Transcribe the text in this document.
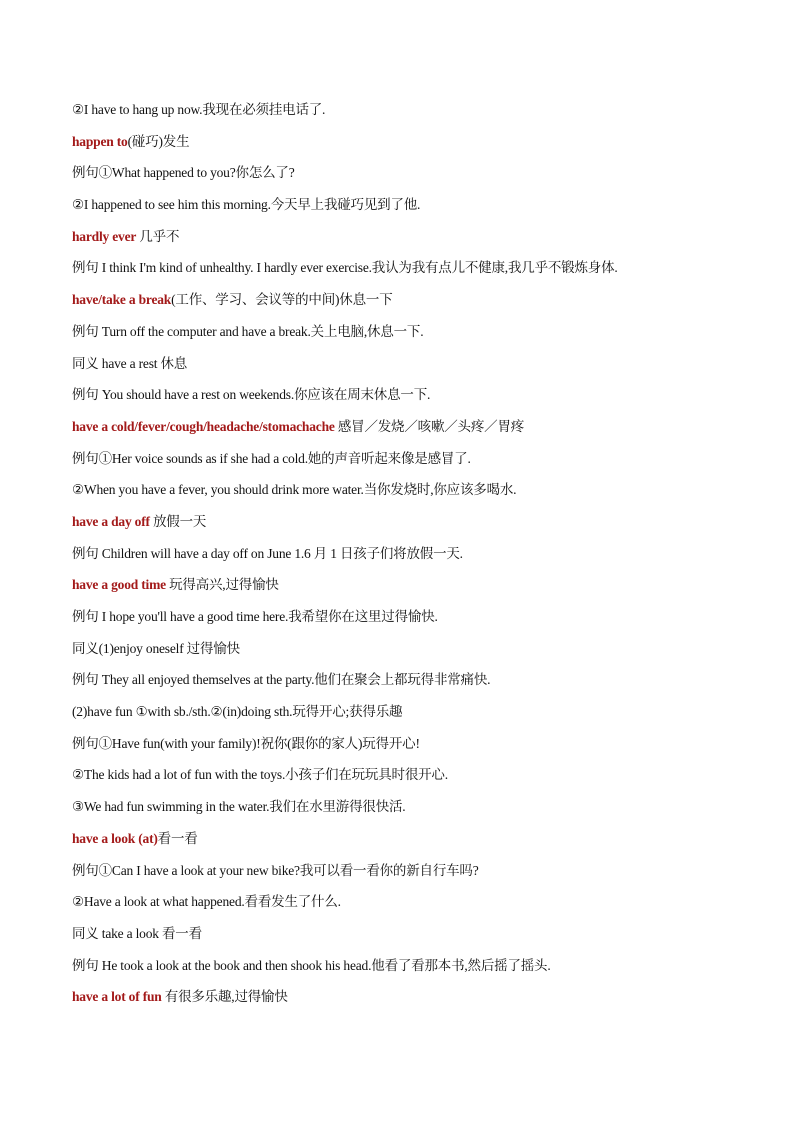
②I have to hang up now.我现在必须挂电话了.
happen to(碰巧)发生
例句①What happened to you?你怎么了?
②I happened to see him this morning.今天早上我碰巧见到了他.
hardly ever 几乎不
例句 I think I'm kind of unhealthy. I hardly ever exercise.我认为我有点儿不健康,我几乎不锻炼身体.
have/take a break(工作、学习、会议等的中间)休息一下
例句 Turn off the computer and have a break.关上电脑,休息一下.
同义 have a rest 休息
例句 You should have a rest on weekends.你应该在周末休息一下.
have a cold/fever/cough/headache/stomachache 感冒／发烧／咳嗽／头疼／胃疼
例句①Her voice sounds as if she had a cold.她的声音听起来像是感冒了.
②When you have a fever, you should drink more water.当你发烧时,你应该多喝水.
have a day off 放假一天
例句 Children will have a day off on June 1.6 月 1 日孩子们将放假一天.
have a good time 玩得高兴,过得愉快
例句 I hope you'll have a good time here.我希望你在这里过得愉快.
同义(1)enjoy oneself 过得愉快
例句 They all enjoyed themselves at the party.他们在聚会上都玩得非常痛快.
(2)have fun ①with sb./sth.②(in)doing sth.玩得开心;获得乐趣
例句①Have fun(with your family)!祝你(跟你的家人)玩得开心!
②The kids had a lot of fun with the toys.小孩子们在玩玩具时很开心.
③We had fun swimming in the water.我们在水里游得很快活.
have a look (at)看一看
例句①Can I have a look at your new bike?我可以看一看你的新自行车吗?
②Have a look at what happened.看看发生了什么.
同义 take a look 看一看
例句 He took a look at the book and then shook his head.他看了看那本书,然后摇了摇头.
have a lot of fun 有很多乐趣,过得愉快
